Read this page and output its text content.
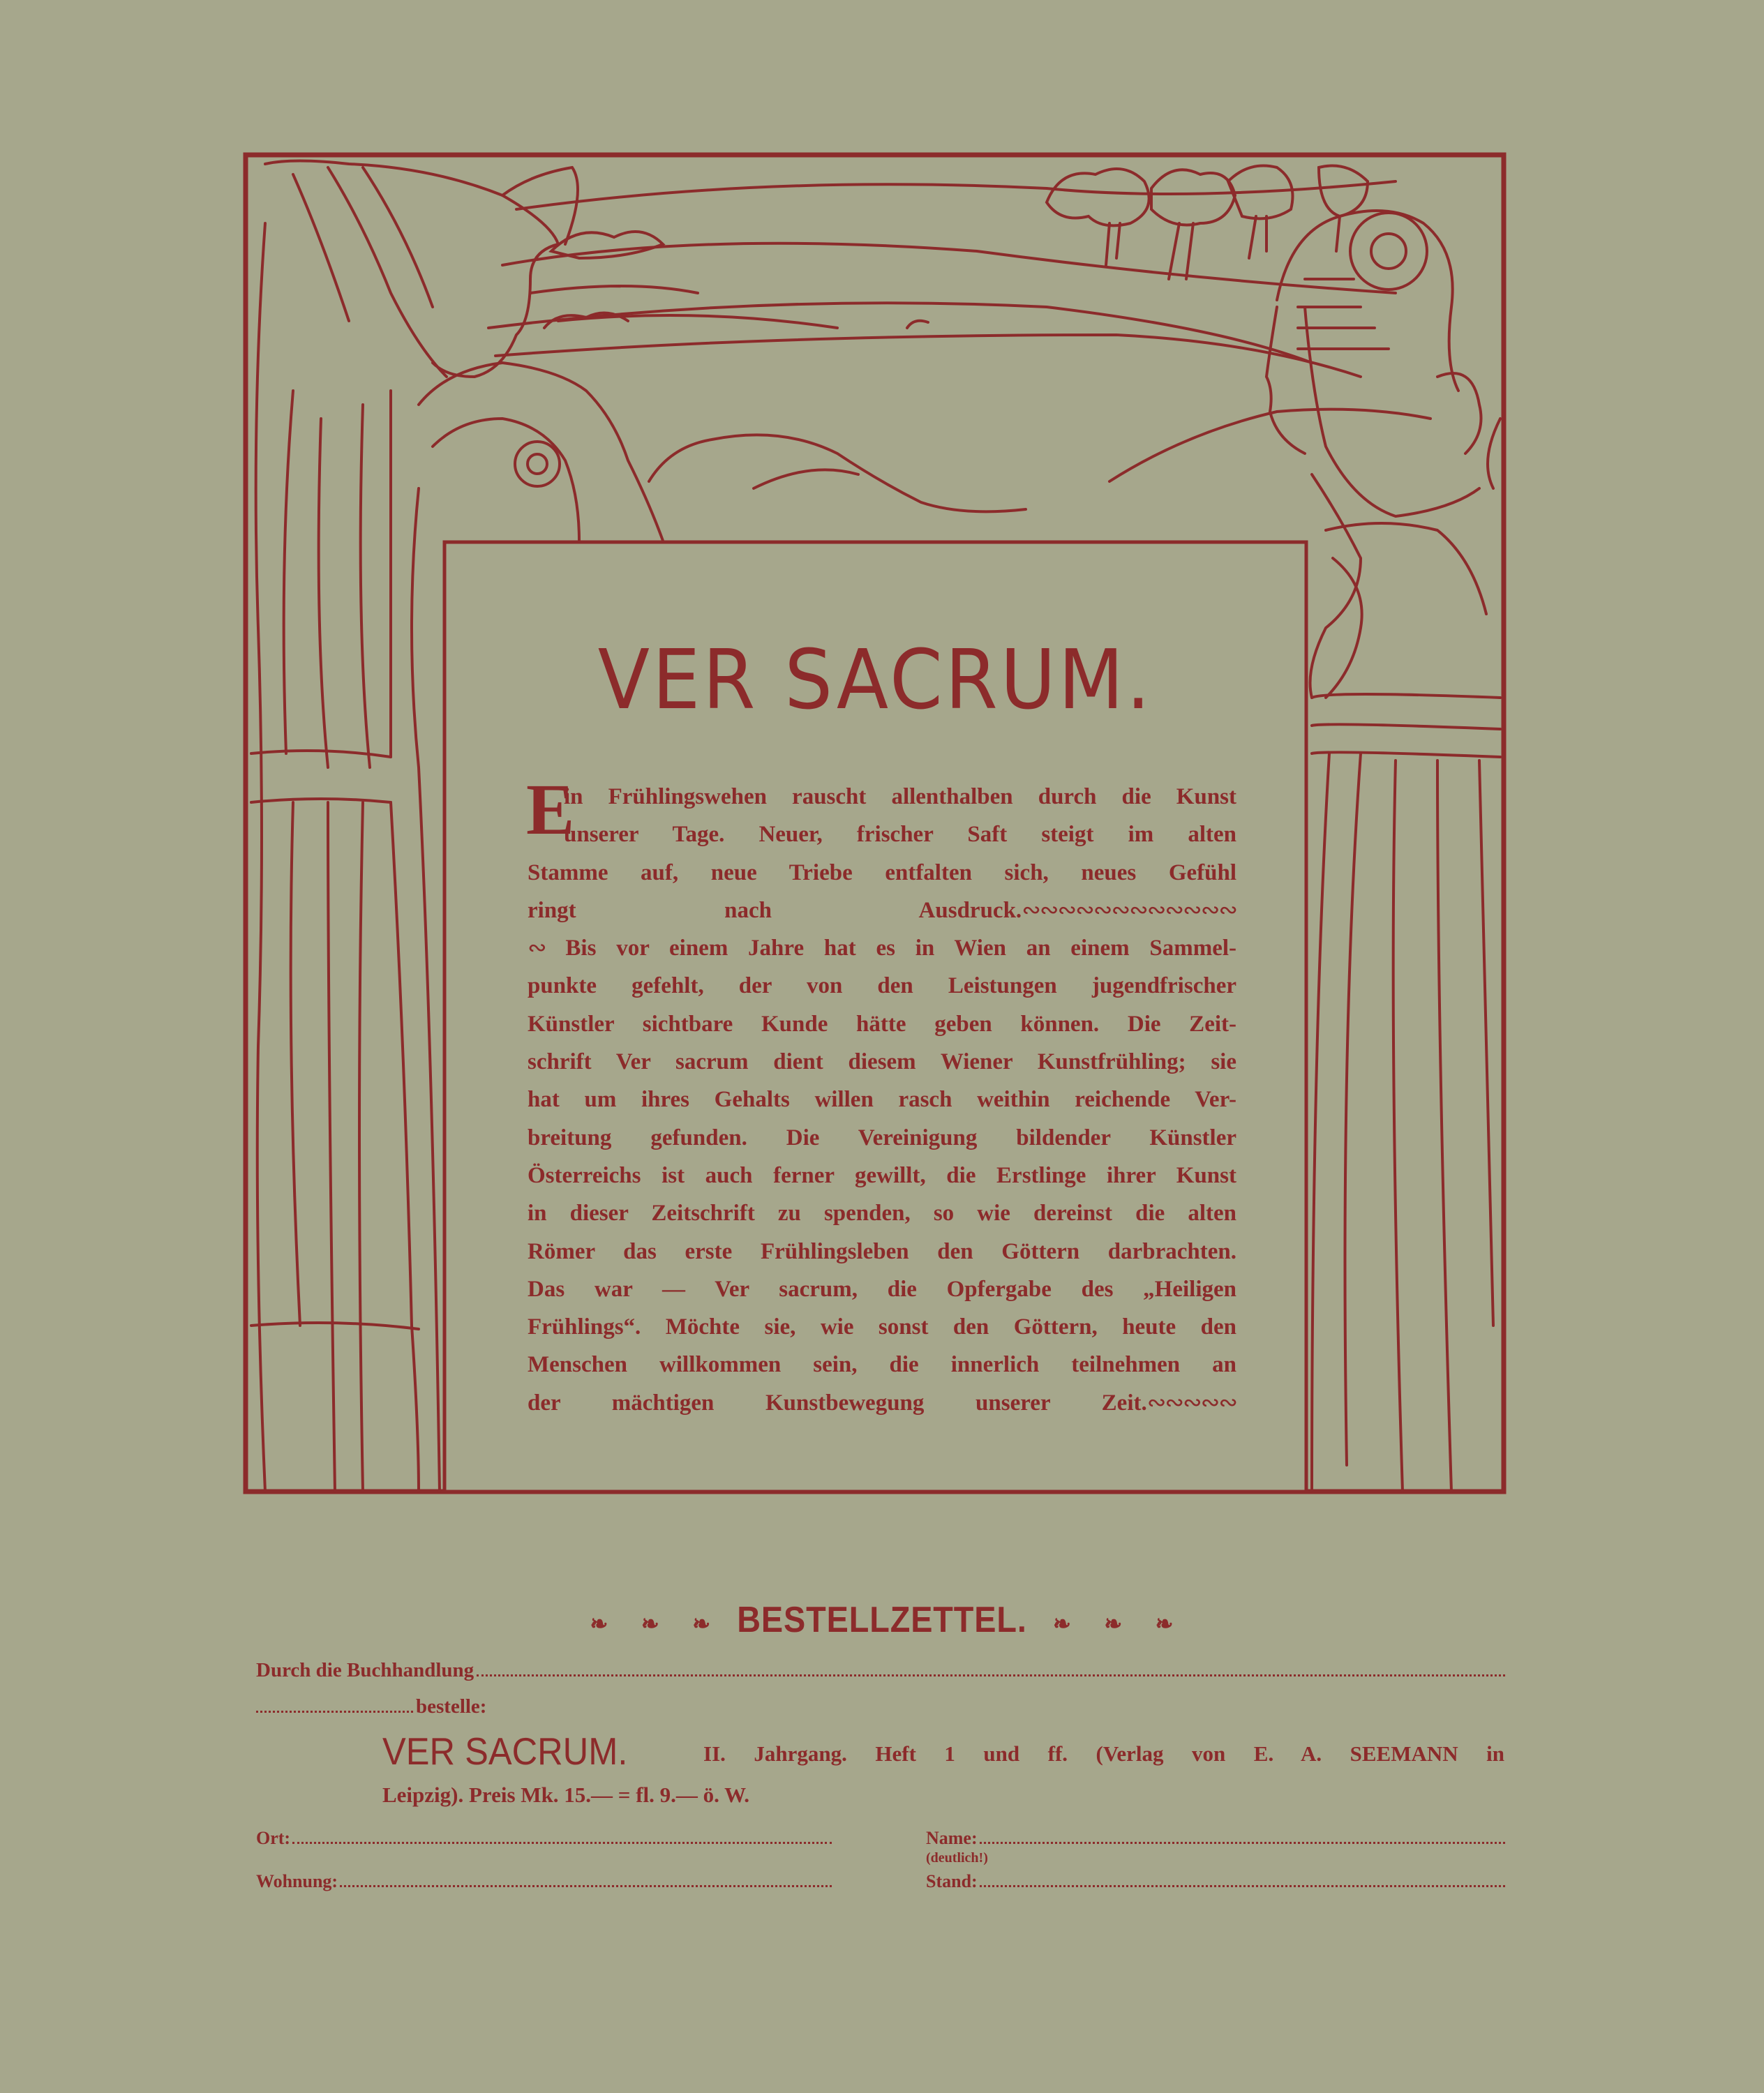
VER SACRUM.
E
in Frühlingswehen rauscht allenthalben durch die Kunst
unserer Tage. Neuer, frischer Saft steigt im alten
Stamme auf, neue Triebe entfalten sich, neues Gefühl
ringt nach Ausdruck.∾∾∾∾∾∾∾∾∾∾∾∾
∾ Bis vor einem Jahre hat es in Wien an einem Sammel-
punkte gefehlt, der von den Leistungen jugendfrischer
Künstler sichtbare Kunde hätte geben können. Die Zeit-
schrift Ver sacrum dient diesem Wiener Kunstfrühling; sie
hat um ihres Gehalts willen rasch weithin reichende Ver-
breitung gefunden. Die Vereinigung bildender Künstler
Österreichs ist auch ferner gewillt, die Erstlinge ihrer Kunst
in dieser Zeitschrift zu spenden, so wie dereinst die alten
Römer das erste Frühlingsleben den Göttern darbrachten.
Das war — Ver sacrum, die Opfergabe des „Heiligen
Frühlings“. Möchte sie, wie sonst den Göttern, heute den
Menschen willkommen sein, die innerlich teilnehmen an
der mächtigen Kunstbewegung unserer Zeit. ∾∾∾∾∾
❧ ❧ ❧ BESTELLZETTEL. ❧ ❧ ❧
Durch die Buchhandlung
bestelle:
VER SACRUM.	II. Jahrgang. Heft 1 und ff. (Verlag von E. A. SEEMANN in
Leipzig). Preis Mk. 15.— = fl. 9.— ö. W.
Ort:
Wohnung:
Name:
(deutlich!)
Stand:
